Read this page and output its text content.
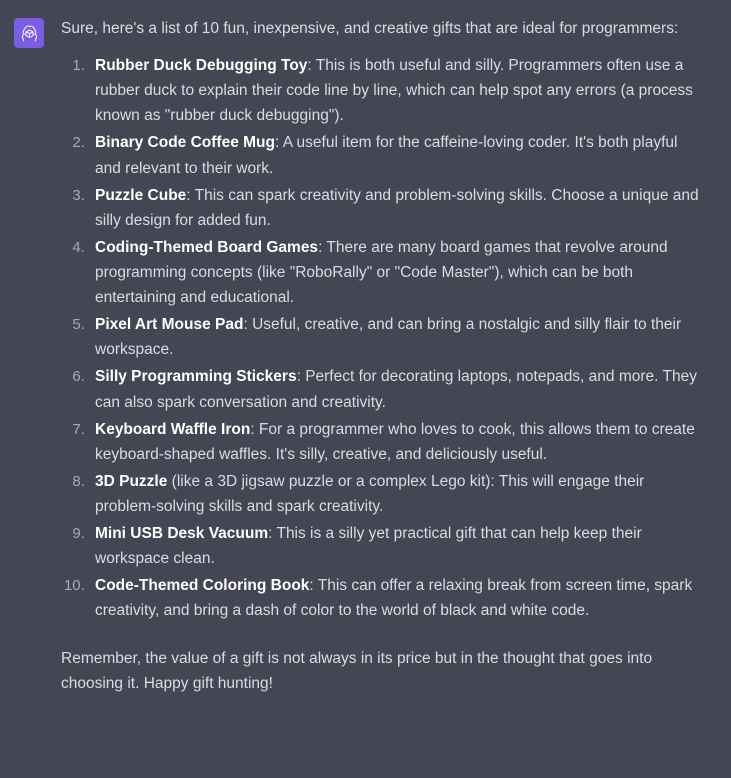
Sure, here's a list of 10 fun, inexpensive, and creative gifts that are ideal for programmers:

1. Rubber Duck Debugging Toy: This is both useful and silly. Programmers often use a rubber duck to explain their code line by line, which can help spot any errors (a process known as "rubber duck debugging").
2. Binary Code Coffee Mug: A useful item for the caffeine-loving coder. It's both playful and relevant to their work.
3. Puzzle Cube: This can spark creativity and problem-solving skills. Choose a unique and silly design for added fun.
4. Coding-Themed Board Games: There are many board games that revolve around programming concepts (like "RoboRally" or "Code Master"), which can be both entertaining and educational.
5. Pixel Art Mouse Pad: Useful, creative, and can bring a nostalgic and silly flair to their workspace.
6. Silly Programming Stickers: Perfect for decorating laptops, notepads, and more. They can also spark conversation and creativity.
7. Keyboard Waffle Iron: For a programmer who loves to cook, this allows them to create keyboard-shaped waffles. It's silly, creative, and deliciously useful.
8. 3D Puzzle (like a 3D jigsaw puzzle or a complex Lego kit): This will engage their problem-solving skills and spark creativity.
9. Mini USB Desk Vacuum: This is a silly yet practical gift that can help keep their workspace clean.
10. Code-Themed Coloring Book: This can offer a relaxing break from screen time, spark creativity, and bring a dash of color to the world of black and white code.

Remember, the value of a gift is not always in its price but in the thought that goes into choosing it. Happy gift hunting!
